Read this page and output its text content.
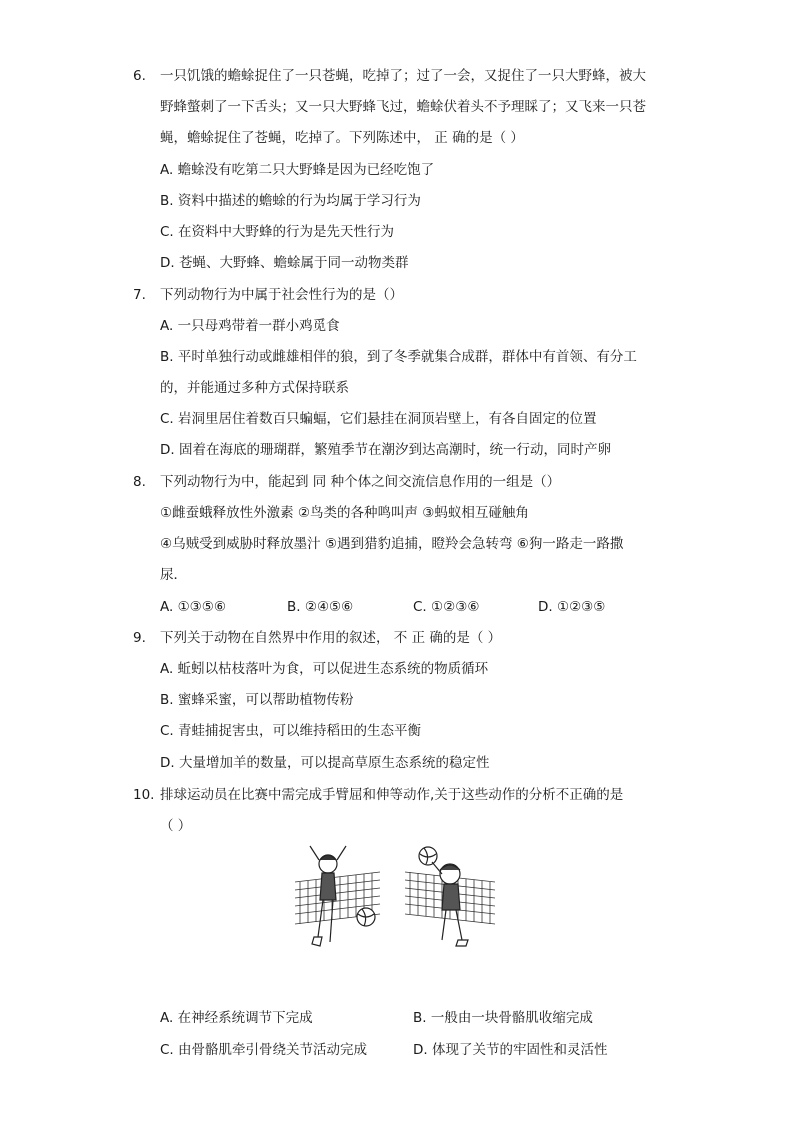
6. 一只饥饿的蟾蜍捉住了一只苍蝇，吃掉了；过了一会，又捉住了一只大野蜂，被大
野蜂螫刺了一下舌头；又一只大野蜂飞过，蟾蜍伏着头不予理睬了；又飞来一只苍
蝇，蟾蜍捉住了苍蝇，吃掉了。下列陈述中， 正 确的是（ ）
A. 蟾蜍没有吃第二只大野蜂是因为已经吃饱了
B. 资料中描述的蟾蜍的行为均属于学习行为
C. 在资料中大野蜂的行为是先天性行为
D. 苍蝇、大野蜂、蟾蜍属于同一动物类群
7. 下列动物行为中属于社会性行为的是（）
A. 一只母鸡带着一群小鸡觅食
B. 平时单独行动或雌雄相伴的狼，到了冬季就集合成群，群体中有首领、有分工
的，并能通过多种方式保持联系
C. 岩洞里居住着数百只蝙蝠，它们悬挂在洞顶岩壁上，有各自固定的位置
D. 固着在海底的珊瑚群，繁殖季节在潮汐到达高潮时，统一行动，同时产卵
8. 下列动物行为中，能起到 同 种个体之间交流信息作用的一组是（）
①雌蚕蛾释放性外激素 ②鸟类的各种鸣叫声 ③蚂蚁相互碰触角
④乌贼受到威胁时释放墨汁 ⑤遇到猎豹追捕，瞪羚会急转弯 ⑥狗一路走一路撒
尿．
A. ①③⑤⑥	B. ②④⑤⑥	C. ①②③⑥	D. ①②③⑤
9. 下列关于动物在自然界中作用的叙述， 不 正 确的是（ ）
A. 蚯蚓以枯枝落叶为食，可以促进生态系统的物质循环
B. 蜜蜂采蜜，可以帮助植物传粉
C. 青蛙捕捉害虫，可以维持稻田的生态平衡
D. 大量增加羊的数量，可以提高草原生态系统的稳定性
10. 排球运动员在比赛中需完成手臂屈和伸等动作,关于这些动作的分析不正确的是
（ ）
A. 在神经系统调节下完成	B. 一般由一块骨骼肌收缩完成
C. 由骨骼肌牵引骨绕关节活动完成	D. 体现了关节的牢固性和灵活性
